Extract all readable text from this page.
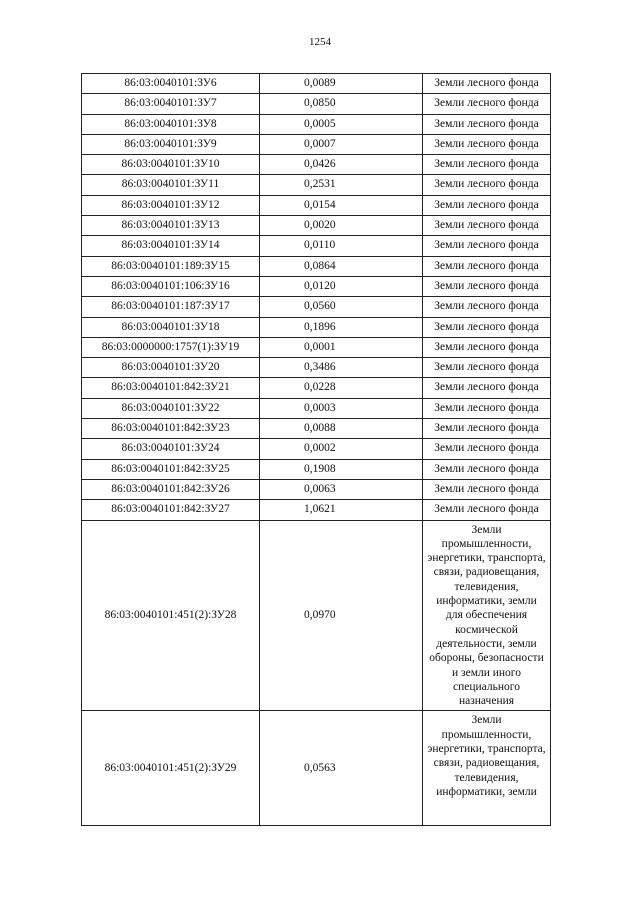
1254
86:03:0040101:ЗУ6	0,0089	Земли лесного фонда
86:03:0040101:ЗУ7	0,0850	Земли лесного фонда
86:03:0040101:ЗУ8	0,0005	Земли лесного фонда
86:03:0040101:ЗУ9	0,0007	Земли лесного фонда
86:03:0040101:ЗУ10	0,0426	Земли лесного фонда
86:03:0040101:ЗУ11	0,2531	Земли лесного фонда
86:03:0040101:ЗУ12	0,0154	Земли лесного фонда
86:03:0040101:ЗУ13	0,0020	Земли лесного фонда
86:03:0040101:ЗУ14	0,0110	Земли лесного фонда
86:03:0040101:189:ЗУ15	0,0864	Земли лесного фонда
86:03:0040101:106:ЗУ16	0,0120	Земли лесного фонда
86:03:0040101:187:ЗУ17	0,0560	Земли лесного фонда
86:03:0040101:ЗУ18	0,1896	Земли лесного фонда
86:03:0000000:1757(1):ЗУ19	0,0001	Земли лесного фонда
86:03:0040101:ЗУ20	0,3486	Земли лесного фонда
86:03:0040101:842:ЗУ21	0,0228	Земли лесного фонда
86:03:0040101:ЗУ22	0,0003	Земли лесного фонда
86:03:0040101:842:ЗУ23	0,0088	Земли лесного фонда
86:03:0040101:ЗУ24	0,0002	Земли лесного фонда
86:03:0040101:842:ЗУ25	0,1908	Земли лесного фонда
86:03:0040101:842:ЗУ26	0,0063	Земли лесного фонда
86:03:0040101:842:ЗУ27	1,0621	Земли лесного фонда
86:03:0040101:451(2):ЗУ28	0,0970	Земли промышленности, энергетики, транспорта, связи, радиовещания, телевидения, информатики, земли для обеспечения космической деятельности, земли обороны, безопасности и земли иного специального назначения
86:03:0040101:451(2):ЗУ29	0,0563	Земли промышленности, энергетики, транспорта, связи, радиовещания, телевидения, информатики, земли
